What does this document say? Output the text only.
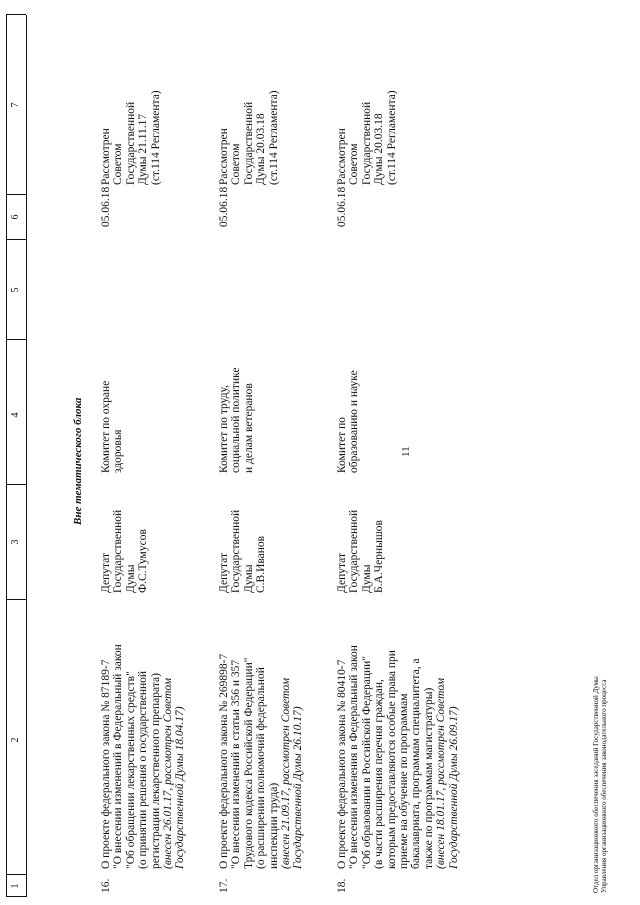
11
1
2
3
4
5
6
7
Вне тематического блока
16.
О проекте федерального закона № 87189-7 "О внесении изменений в Федеральный закон "Об обращении лекарственных средств" (о принятии решения о государственной регистрации лекарственного препарата) (внесен 26.01.17, рассмотрен Советом Государственной Думы 18.04.17)
Депутат Государственной Думы Ф.С.Тумусов
Комитет по охране здоровья
05.06.18
Рассмотрен Советом Государственной Думы 21.11.17 (ст.114 Регламента)
17.
О проекте федерального закона № 269898-7 "О внесении изменений в статьи 356 и 357 Трудового кодекса Российской Федерации" (о расширении полномочий федеральной инспекции труда) (внесен 21.09.17, рассмотрен Советом Государственной Думы 26.10.17)
Депутат Государственной Думы С.В.Иванов
Комитет по труду, социальной политике и делам ветеранов
05.06.18
Рассмотрен Советом Государственной Думы 20.03.18 (ст.114 Регламента)
18.
О проекте федерального закона № 80410-7 "О внесении изменения в Федеральный закон "Об образовании в Российской Федерации" (в части расширения перечня граждан, которым предоставляются особые права при приеме на обучение по программам бакалавриата, программам специалитета, а также по программам магистратуры) (внесен 18.01.17, рассмотрен Советом Государственной Думы 26.09.17)
Депутат Государственной Думы Б.А.Чернышов
Комитет по образованию и науке
05.06.18
Рассмотрен Советом Государственной Думы 20.03.18 (ст.114 Регламента)
Отдел организационного обеспечения заседаний Государственной Думы Управления организационного обеспечения законодательного процесса
